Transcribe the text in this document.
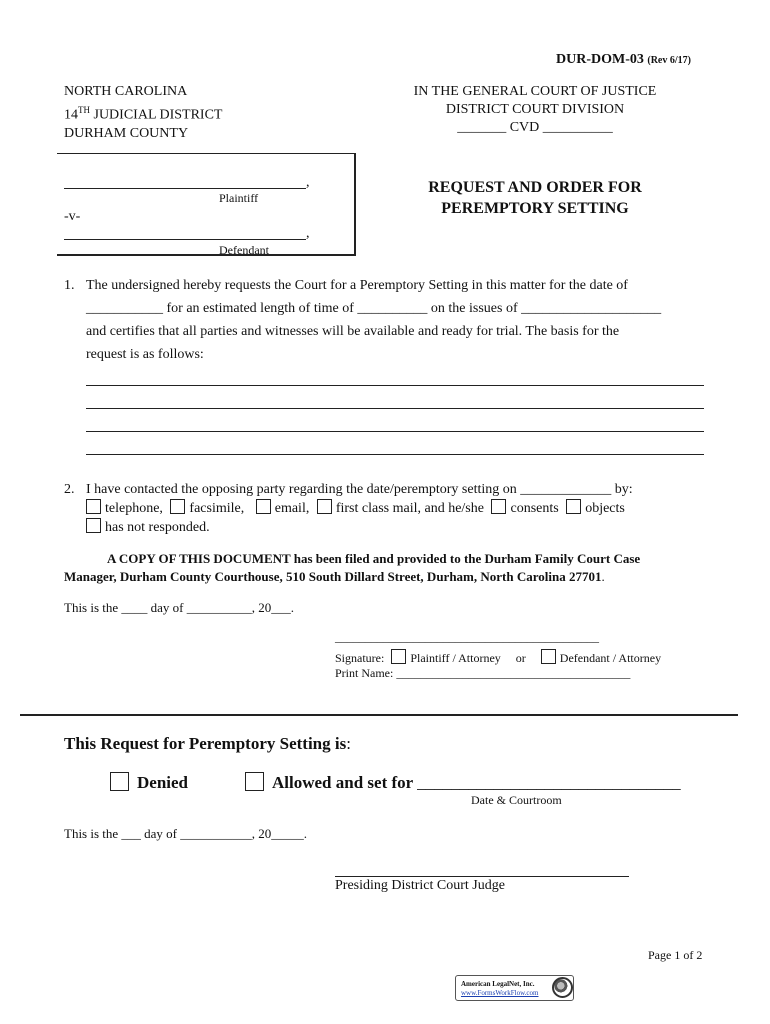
DUR-DOM-03 (Rev 6/17)
NORTH CAROLINA
14TH JUDICIAL DISTRICT
DURHAM COUNTY
IN THE GENERAL COURT OF JUSTICE
DISTRICT COURT DIVISION
_______ CVD __________
,
Plaintiff
-v-
,
Defendant
REQUEST AND ORDER FOR
PEREMPTORY SETTING
1. The undersigned hereby requests the Court for a Peremptory Setting in this matter for the date of
___________ for an estimated length of time of __________ on the issues of ____________________
and certifies that all parties and witnesses will be available and ready for trial. The basis for the
request is as follows:
2. I have contacted the opposing party regarding the date/peremptory setting on _____________ by:
telephone, facsimile, email, first class mail, and he/she consents objects
has not responded.
A COPY OF THIS DOCUMENT has been filed and provided to the Durham Family Court Case
Manager, Durham County Courthouse, 510 South Dillard Street, Durham, North Carolina 27701.
This is the ____ day of __________, 20___.
____________________________________________
Signature: Plaintiff / Attorney or	Defendant / Attorney
Print Name: _______________________________________
This Request for Peremptory Setting is:
Denied	Allowed and set for _______________________________
Date & Courtroom
This is the ___ day of ___________, 20_____.
Presiding District Court Judge
Page 1 of 2
American LegalNet, Inc.
www.FormsWorkFlow.com
